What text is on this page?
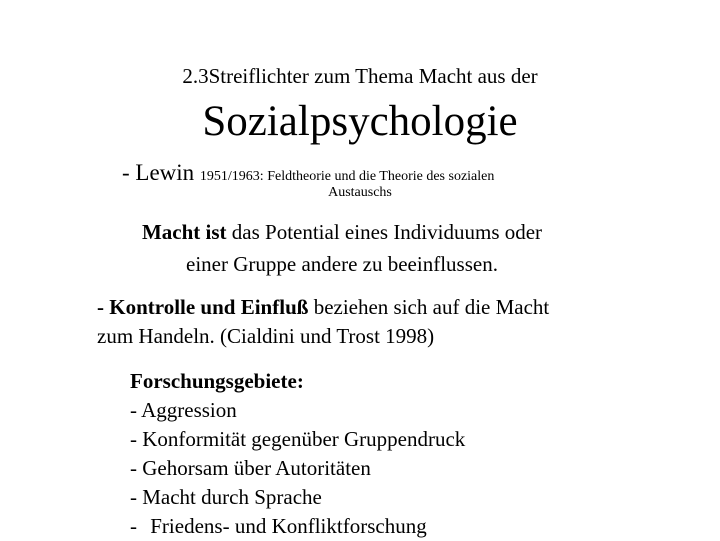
2.3Streiflichter zum Thema Macht aus der
Sozialpsychologie
- Lewin 1951/1963: Feldtheorie und die Theorie des sozialen
Austauschs
Macht ist das Potential eines Individuums oder
einer Gruppe andere zu beeinflussen.
- Kontrolle und Einfluß beziehen sich auf die Macht
zum Handeln. (Cialdini und Trost 1998)
Forschungsgebiete:
- Aggression
- Konformität gegenüber Gruppendruck
- Gehorsam über Autoritäten
- Macht durch Sprache
- Friedens- und Konfliktforschung
